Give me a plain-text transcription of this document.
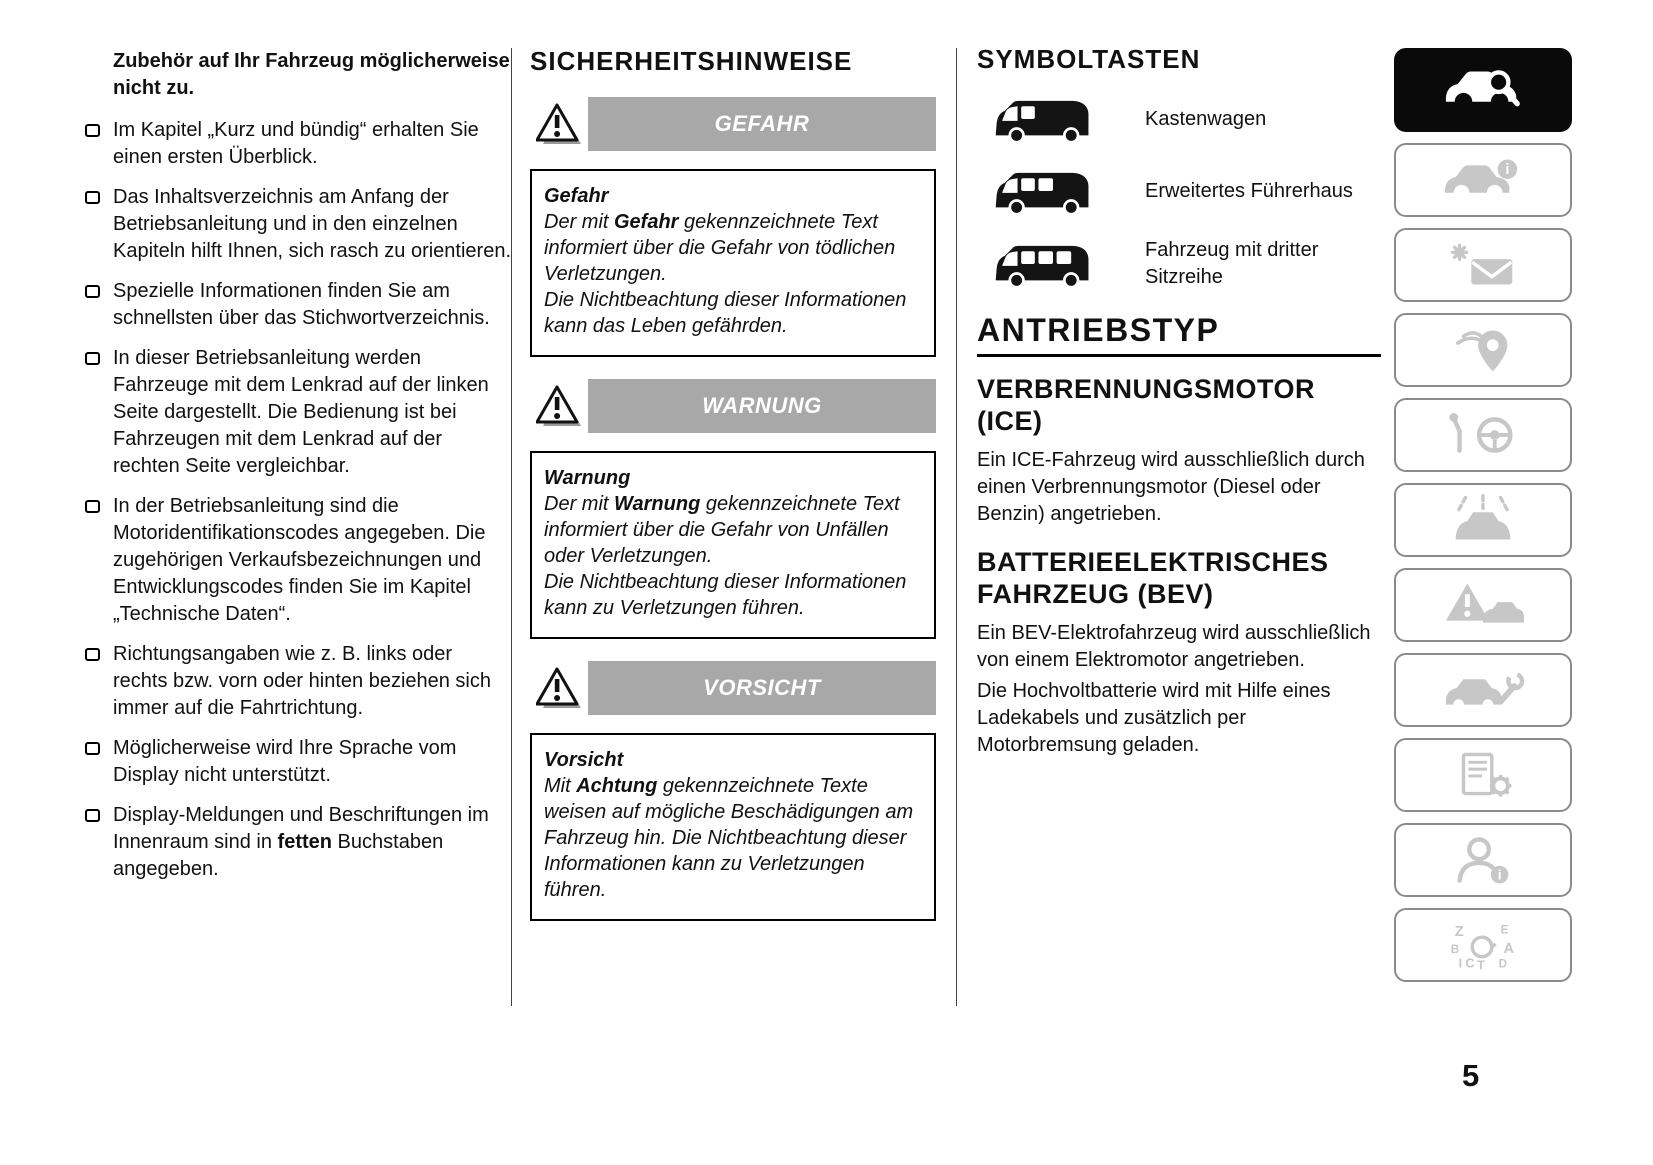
Zubehör auf Ihr Fahrzeug möglicherweise nicht zu.

Im Kapitel „Kurz und bündig“ erhalten Sie einen ersten Überblick.
Das Inhaltsverzeichnis am Anfang der Betriebsanleitung und in den einzelnen Kapiteln hilft Ihnen, sich rasch zu orientieren.
Spezielle Informationen finden Sie am schnellsten über das Stichwortverzeichnis.
In dieser Betriebsanleitung werden Fahrzeuge mit dem Lenkrad auf der linken Seite dargestellt. Die Bedienung ist bei Fahrzeugen mit dem Lenkrad auf der rechten Seite vergleichbar.
In der Betriebsanleitung sind die Motoridentifikationscodes angegeben. Die zugehörigen Verkaufsbezeichnungen und Entwicklungscodes finden Sie im Kapitel „Technische Daten“.
Richtungsangaben wie z. B. links oder rechts bzw. vorn oder hinten beziehen sich immer auf die Fahrtrichtung.
Möglicherweise wird Ihre Sprache vom Display nicht unterstützt.
Display-Meldungen und Beschriftungen im Innenraum sind in fetten Buchstaben angegeben.
SICHERHEITSHINWEISE
GEFAHR

Gefahr

Der mit Gefahr gekennzeichnete Text informiert über die Gefahr von tödlichen Verletzungen.

Die Nichtbeachtung dieser Informationen kann das Leben gefährden.

WARNUNG

Warnung

Der mit Warnung gekennzeichnete Text informiert über die Gefahr von Unfällen oder Verletzungen.

Die Nichtbeachtung dieser Informationen kann zu Verletzungen führen.

VORSICHT

Vorsicht

Mit Achtung gekennzeichnete Texte weisen auf mögliche Beschädigungen am Fahrzeug hin. Die Nichtbeachtung dieser Informationen kann zu Verletzungen führen.

SYMBOLTASTEN
Kastenwagen
Erweitertes Führerhaus
Fahrzeug mit dritter Sitzreihe
ANTRIEBSTYP
VERBRENNUNGSMOTOR (ICE)

Ein ICE-Fahrzeug wird ausschließlich durch einen Verbrennungsmotor (Diesel oder Benzin) angetrieben.

BATTERIEELEKTRISCHES FAHRZEUG (BEV)

Ein BEV-Elektrofahrzeug wird ausschließlich von einem Elektromotor angetrieben.

Die Hochvoltbatterie wird mit Hilfe eines Ladekabels und zusätzlich per Motorbremsung geladen.

i
i
Z	E
B	A
I C T D
5
